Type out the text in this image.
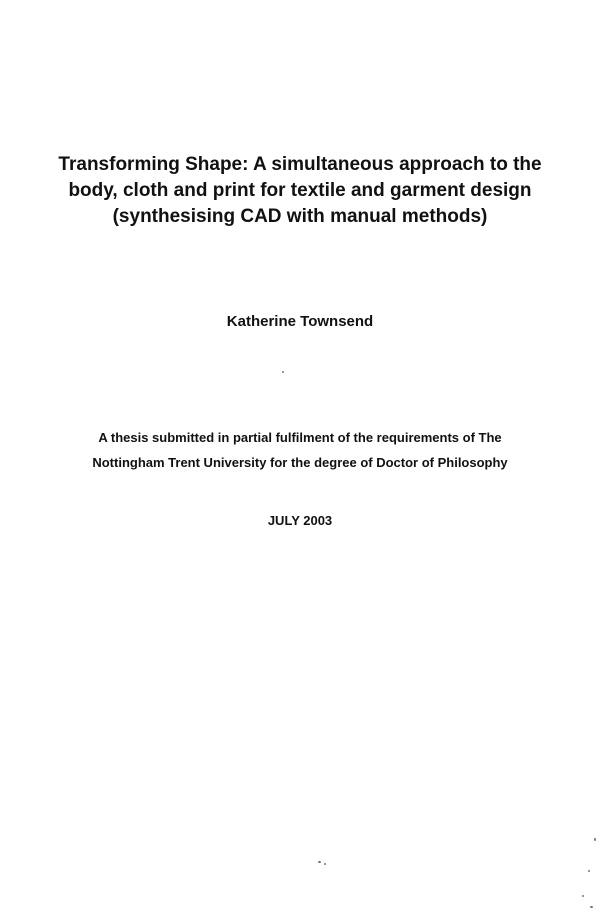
Transforming Shape: A simultaneous approach to the
body, cloth and print for textile and garment design
(synthesising CAD with manual methods)
Katherine Townsend
A thesis submitted in partial fulfilment of the requirements of The
Nottingham Trent University for the degree of Doctor of Philosophy
JULY 2003
